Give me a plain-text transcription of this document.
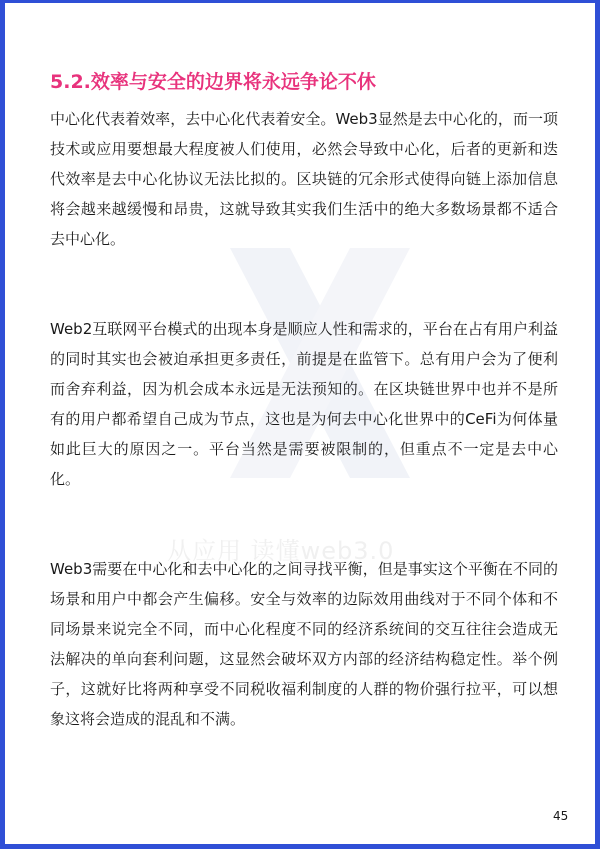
从应用 读懂web3.0
5.2.效率与安全的边界将永远争论不休

中心化代表着效率，去中心化代表着安全。Web3显然是去中心化的，而一项技术或应用要想最大程度被人们使用，必然会导致中心化，后者的更新和迭代效率是去中心化协议无法比拟的。区块链的冗余形式使得向链上添加信息将会越来越缓慢和昂贵，这就导致其实我们生活中的绝大多数场景都不适合去中心化。

Web2互联网平台模式的出现本身是顺应人性和需求的，平台在占有用户利益的同时其实也会被迫承担更多责任，前提是在监管下。总有用户会为了便利而舍弃利益，因为机会成本永远是无法预知的。在区块链世界中也并不是所有的用户都希望自己成为节点，这也是为何去中心化世界中的CeFi为何体量如此巨大的原因之一。平台当然是需要被限制的，但重点不一定是去中心化。

Web3需要在中心化和去中心化的之间寻找平衡，但是事实这个平衡在不同的场景和用户中都会产生偏移。安全与效率的边际效用曲线对于不同个体和不同场景来说完全不同，而中心化程度不同的经济系统间的交互往往会造成无法解决的单向套利问题，这显然会破坏双方内部的经济结构稳定性。举个例子，这就好比将两种享受不同税收福利制度的人群的物价强行拉平，可以想象这将会造成的混乱和不满。

45
